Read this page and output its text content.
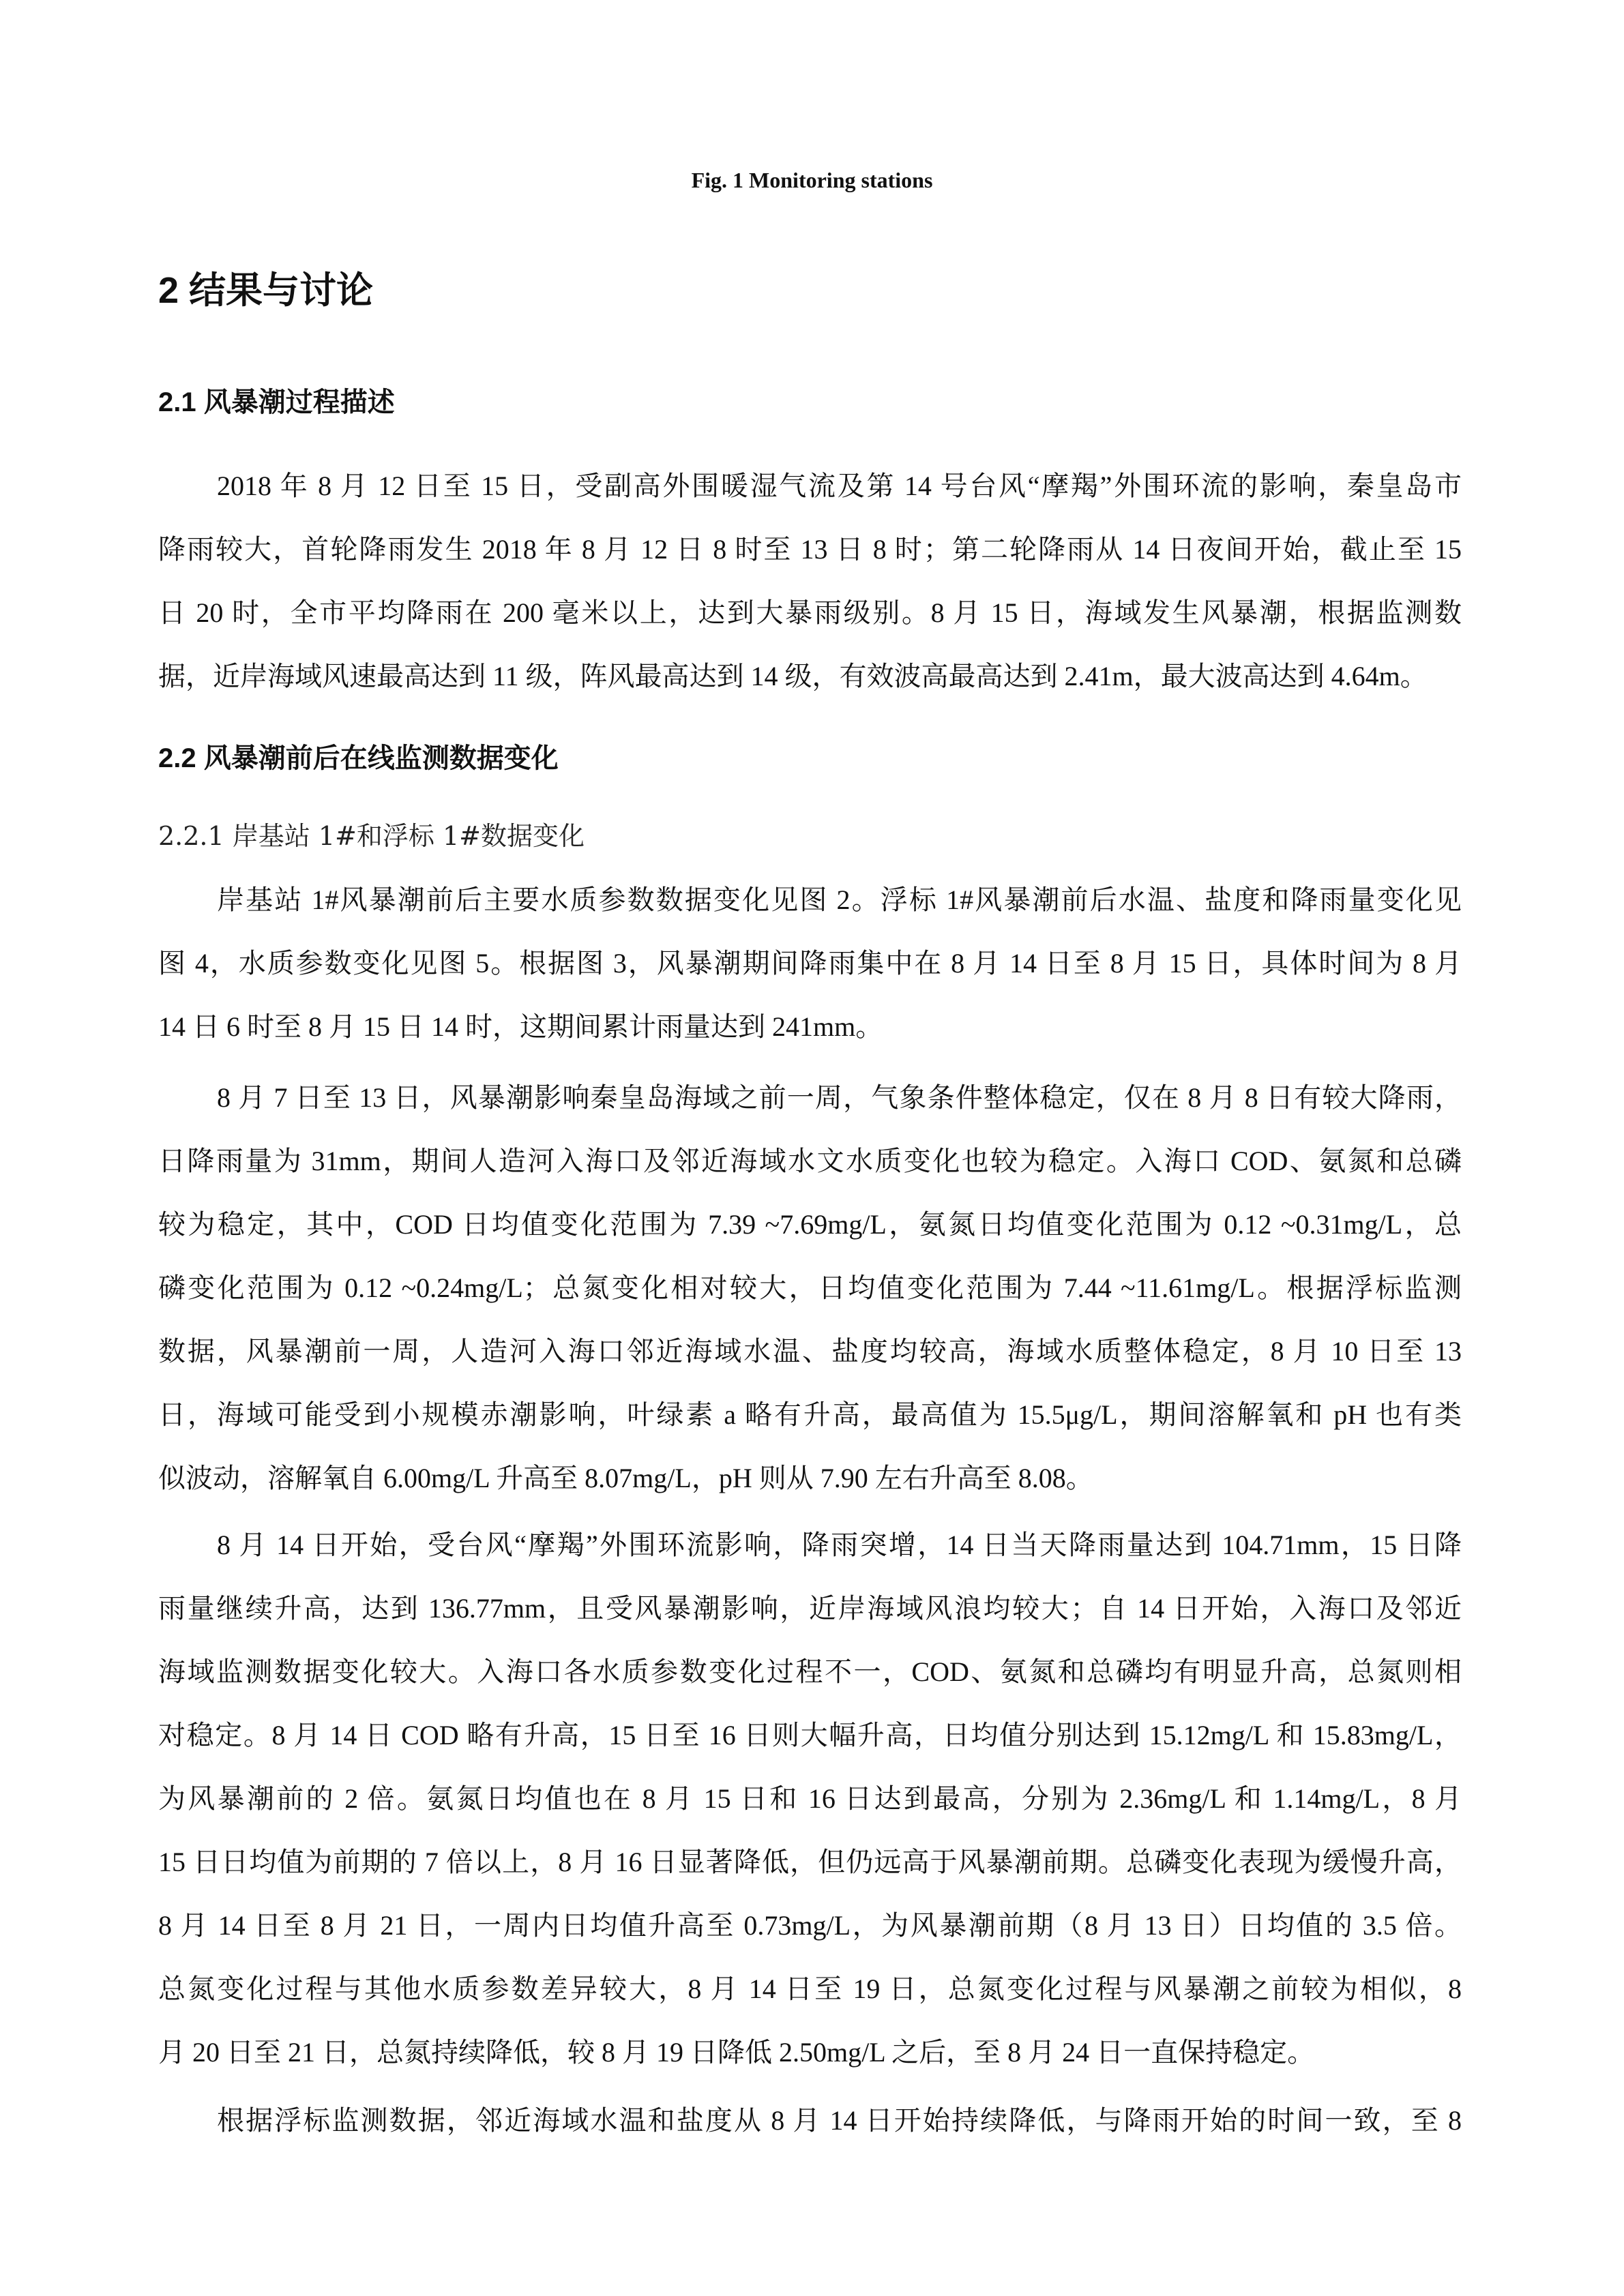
Fig. 1 Monitoring stations
2 结果与讨论
2.1 风暴潮过程描述
2018 年 8 月 12 日至 15 日，受副高外围暖湿气流及第 14 号台风“摩羯”外围环流的影响，秦皇岛市
降雨较大，首轮降雨发生 2018 年 8 月 12 日 8 时至 13 日 8 时；第二轮降雨从 14 日夜间开始，截止至 15
日 20 时，全市平均降雨在 200 毫米以上，达到大暴雨级别。8 月 15 日，海域发生风暴潮，根据监测数
据，近岸海域风速最高达到 11 级，阵风最高达到 14 级，有效波高最高达到 2.41m，最大波高达到 4.64m。
2.2 风暴潮前后在线监测数据变化
2.2.1 岸基站 1#和浮标 1#数据变化
岸基站 1#风暴潮前后主要水质参数数据变化见图 2。浮标 1#风暴潮前后水温、盐度和降雨量变化见
图 4，水质参数变化见图 5。根据图 3，风暴潮期间降雨集中在 8 月 14 日至 8 月 15 日，具体时间为 8 月
14 日 6 时至 8 月 15 日 14 时，这期间累计雨量达到 241mm。
8 月 7 日至 13 日，风暴潮影响秦皇岛海域之前一周，气象条件整体稳定，仅在 8 月 8 日有较大降雨，
日降雨量为 31mm，期间人造河入海口及邻近海域水文水质变化也较为稳定。入海口 COD、氨氮和总磷
较为稳定，其中，COD 日均值变化范围为 7.39 ~7.69mg/L，氨氮日均值变化范围为 0.12 ~0.31mg/L，总
磷变化范围为 0.12 ~0.24mg/L；总氮变化相对较大，日均值变化范围为 7.44 ~11.61mg/L。根据浮标监测
数据，风暴潮前一周，人造河入海口邻近海域水温、盐度均较高，海域水质整体稳定，8 月 10 日至 13
日，海域可能受到小规模赤潮影响，叶绿素 a 略有升高，最高值为 15.5μg/L，期间溶解氧和 pH 也有类
似波动，溶解氧自 6.00mg/L 升高至 8.07mg/L，pH 则从 7.90 左右升高至 8.08。
8 月 14 日开始，受台风“摩羯”外围环流影响，降雨突增，14 日当天降雨量达到 104.71mm，15 日降
雨量继续升高，达到 136.77mm，且受风暴潮影响，近岸海域风浪均较大；自 14 日开始，入海口及邻近
海域监测数据变化较大。入海口各水质参数变化过程不一，COD、氨氮和总磷均有明显升高，总氮则相
对稳定。8 月 14 日 COD 略有升高，15 日至 16 日则大幅升高，日均值分别达到 15.12mg/L 和 15.83mg/L，
为风暴潮前的 2 倍。氨氮日均值也在 8 月 15 日和 16 日达到最高，分别为 2.36mg/L 和 1.14mg/L，8 月
15 日日均值为前期的 7 倍以上，8 月 16 日显著降低，但仍远高于风暴潮前期。总磷变化表现为缓慢升高，
8 月 14 日至 8 月 21 日，一周内日均值升高至 0.73mg/L，为风暴潮前期（8 月 13 日）日均值的 3.5 倍。
总氮变化过程与其他水质参数差异较大，8 月 14 日至 19 日，总氮变化过程与风暴潮之前较为相似，8
月 20 日至 21 日，总氮持续降低，较 8 月 19 日降低 2.50mg/L 之后，至 8 月 24 日一直保持稳定。
根据浮标监测数据，邻近海域水温和盐度从 8 月 14 日开始持续降低，与降雨开始的时间一致，至 8
